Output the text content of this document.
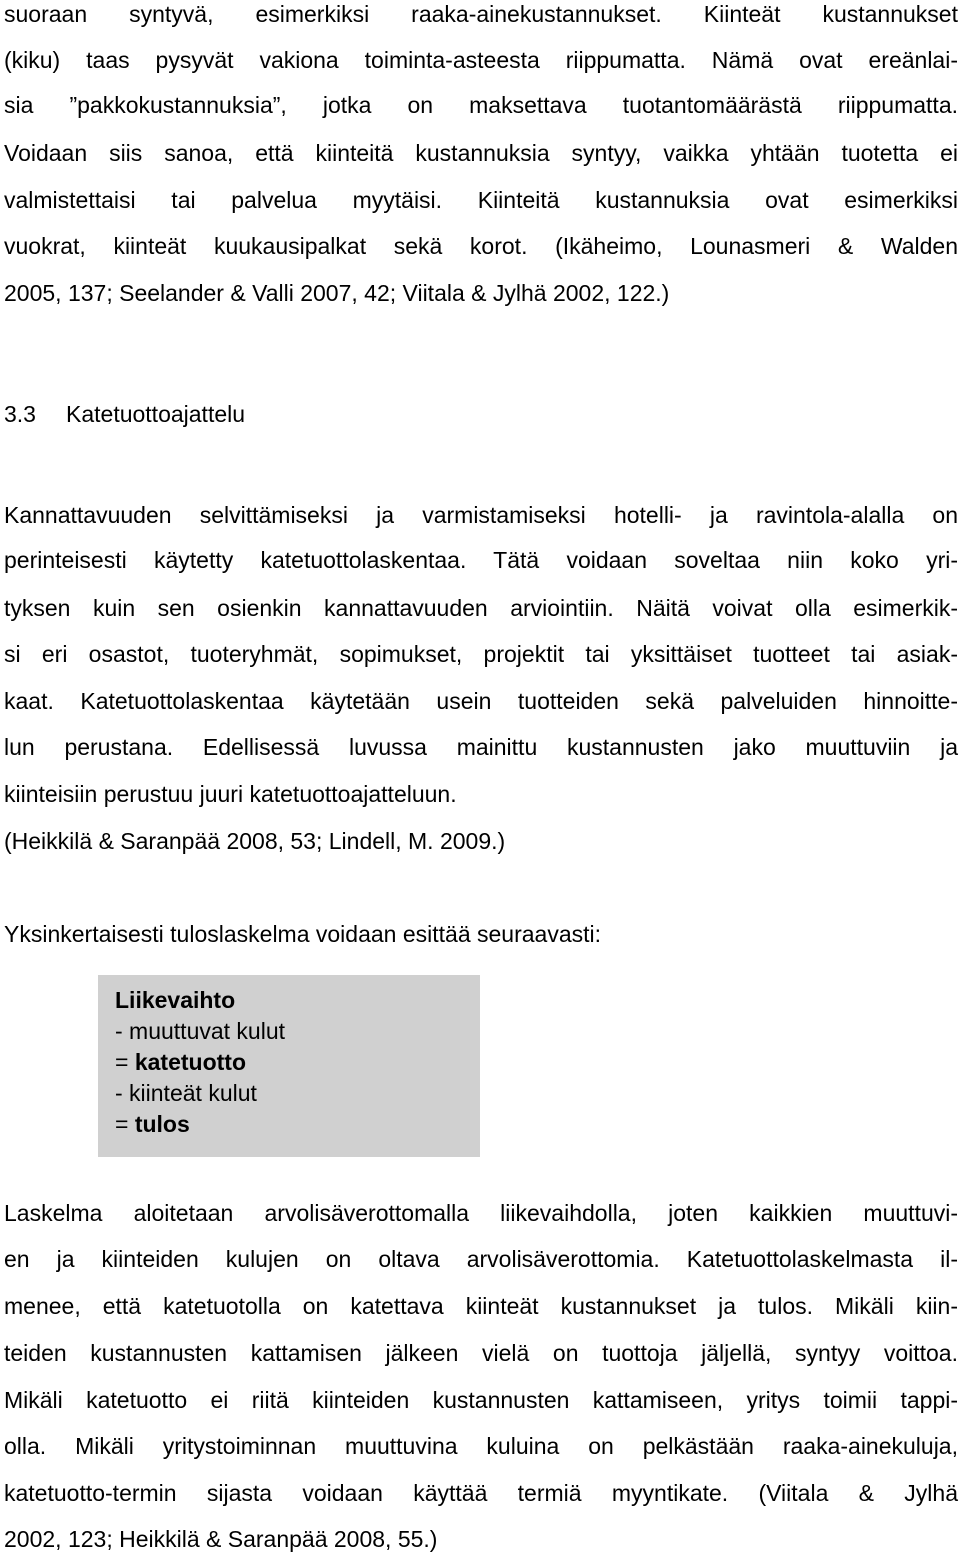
suoraan syntyvä, esimerkiksi raaka-ainekustannukset. Kiinteät kustannukset
(kiku) taas pysyvät vakiona toiminta-asteesta riippumatta. Nämä ovat ereänlai-
sia ”pakkokustannuksia”, jotka on maksettava tuotantomäärästä riippumatta.
Voidaan siis sanoa, että kiinteitä kustannuksia syntyy, vaikka yhtään tuotetta ei
valmistettaisi tai palvelua myytäisi. Kiinteitä kustannuksia ovat esimerkiksi
vuokrat, kiinteät kuukausipalkat sekä korot. (Ikäheimo, Lounasmeri & Walden
2005, 137; Seelander & Valli 2007, 42; Viitala & Jylhä 2002, 122.)
3.3 Katetuottoajattelu
Kannattavuuden selvittämiseksi ja varmistamiseksi hotelli- ja ravintola-alalla on
perinteisesti käytetty katetuottolaskentaa. Tätä voidaan soveltaa niin koko yri-
tyksen kuin sen osienkin kannattavuuden arviointiin. Näitä voivat olla esimerkik-
si eri osastot, tuoteryhmät, sopimukset, projektit tai yksittäiset tuotteet tai asiak-
kaat. Katetuottolaskentaa käytetään usein tuotteiden sekä palveluiden hinnoitte-
lun perustana. Edellisessä luvussa mainittu kustannusten jako muuttuviin ja
kiinteisiin perustuu juuri katetuottoajatteluun.
(Heikkilä & Saranpää 2008, 53; Lindell, M. 2009.)
Yksinkertaisesti tuloslaskelma voidaan esittää seuraavasti:
Liikevaihto
- muuttuvat kulut
= katetuotto
- kiinteät kulut
= tulos
Laskelma aloitetaan arvolisäverottomalla liikevaihdolla, joten kaikkien muuttuvi-
en ja kiinteiden kulujen on oltava arvolisäverottomia. Katetuottolaskelmasta il-
menee, että katetuotolla on katettava kiinteät kustannukset ja tulos. Mikäli kiin-
teiden kustannusten kattamisen jälkeen vielä on tuottoja jäljellä, syntyy voittoa.
Mikäli katetuotto ei riitä kiinteiden kustannusten kattamiseen, yritys toimii tappi-
olla. Mikäli yritystoiminnan muuttuvina kuluina on pelkästään raaka-ainekuluja,
katetuotto-termin sijasta voidaan käyttää termiä myyntikate. (Viitala & Jylhä
2002, 123; Heikkilä & Saranpää 2008, 55.)
